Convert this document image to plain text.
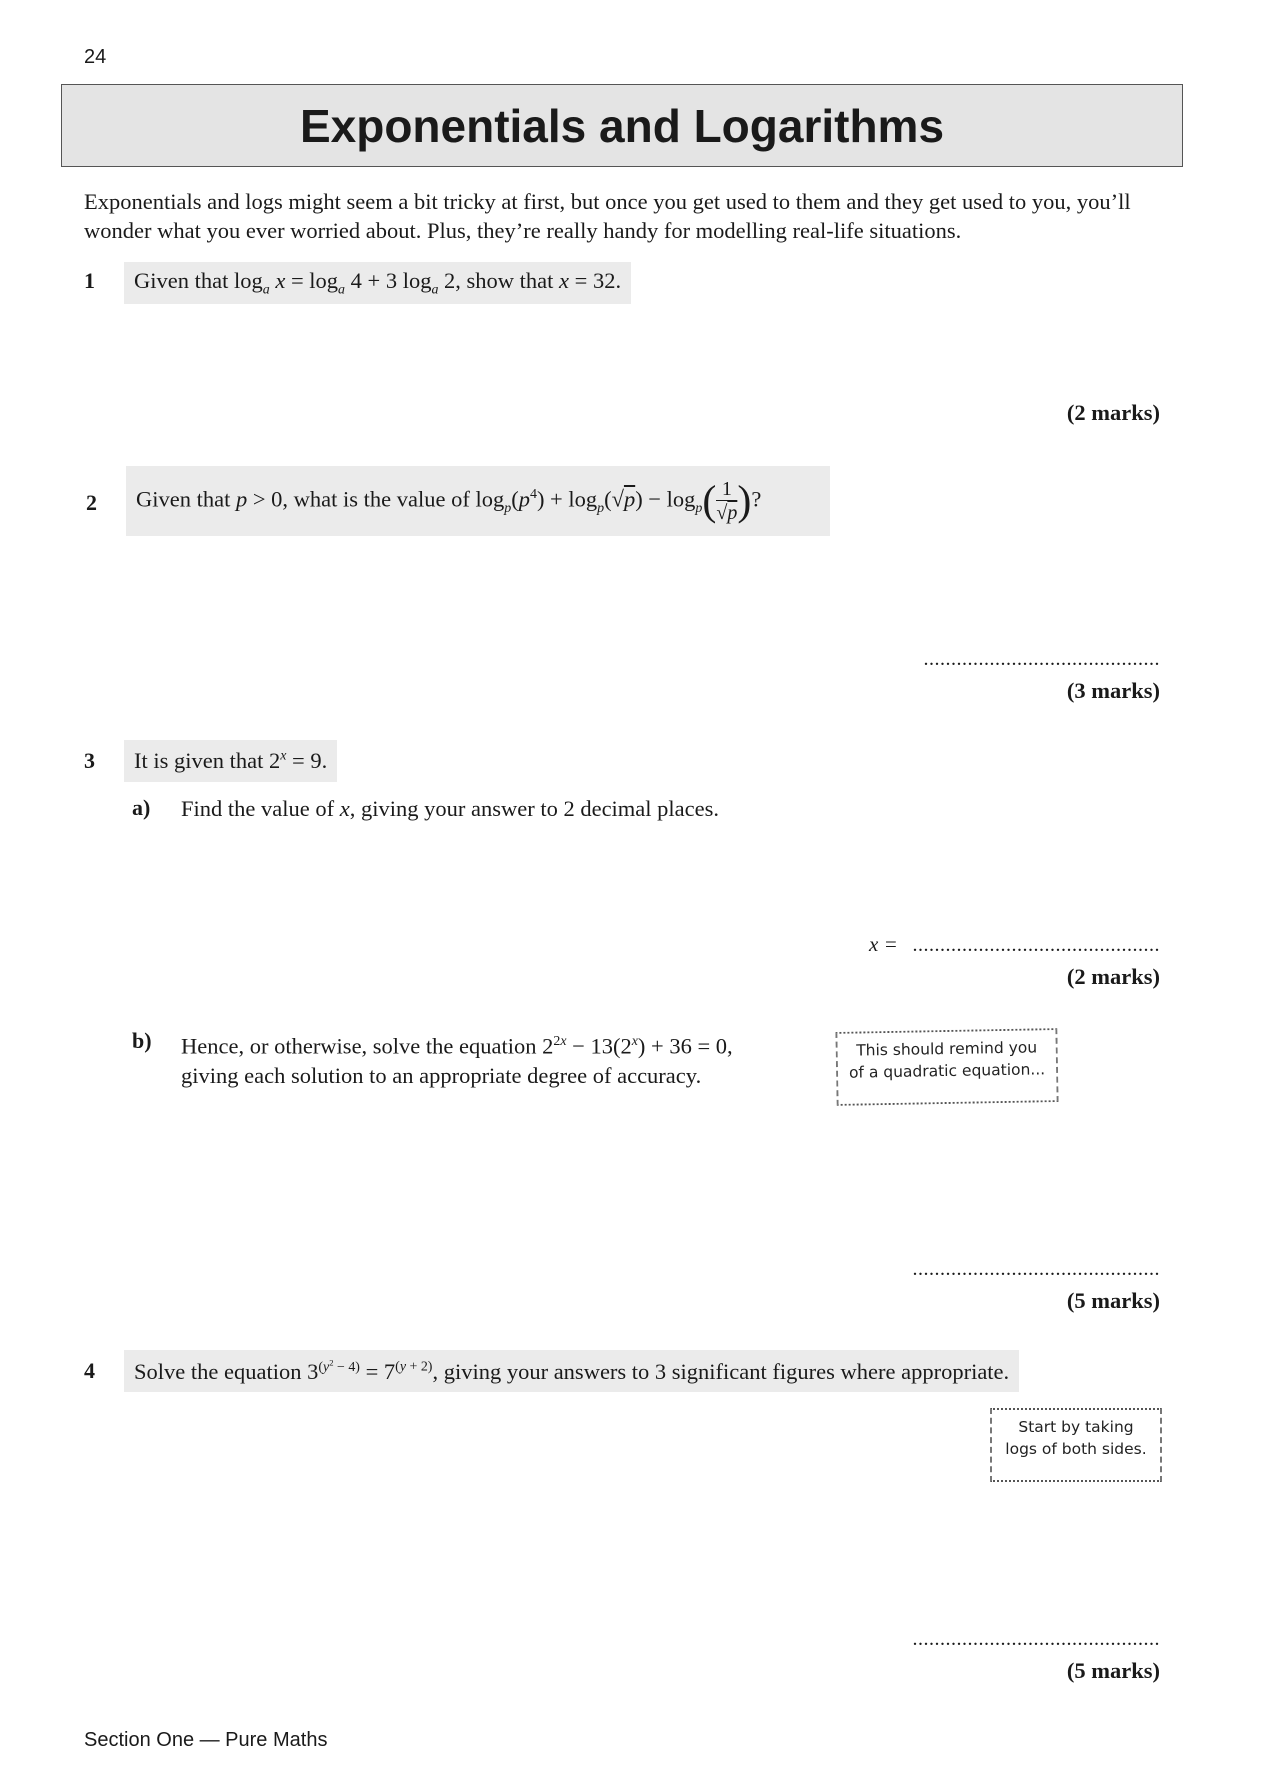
24
Exponentials and Logarithms
Exponentials and logs might seem a bit tricky at first, but once you get used to them and they get used to you, you’ll wonder what you ever worried about. Plus, they’re really handy for modelling real-life situations.
1 Given that $\log_a x = \log_a 4 + 3$ $\log_a 2$, show that x = 32.
(2 marks)
2 Given that p > 0, what is the value of $\log_p(p^4) + \log_p(√p) - \log_p( \frac{1}{√p}$ )?
...........................................
(3 marks)
3 It is given that $2^x = 9$.
a) Find the value of x, giving your answer to 2 decimal places.
x = .............................................
(2 marks)
b) Hence, or otherwise, solve the equation $2^{2x} - 13(2^x) + 36 = 0$,
giving each solution to an appropriate degree of accuracy.
This should remind you
of a quadratic equation...
.............................................
(5 marks)
4 Solve the equation $3^{(y^2 - 4)} = 7^{(y + 2)}$, giving your answers to 3 significant figures where appropriate.
Start by taking
logs of both sides.
.............................................
(5 marks)
Section One — Pure Maths
